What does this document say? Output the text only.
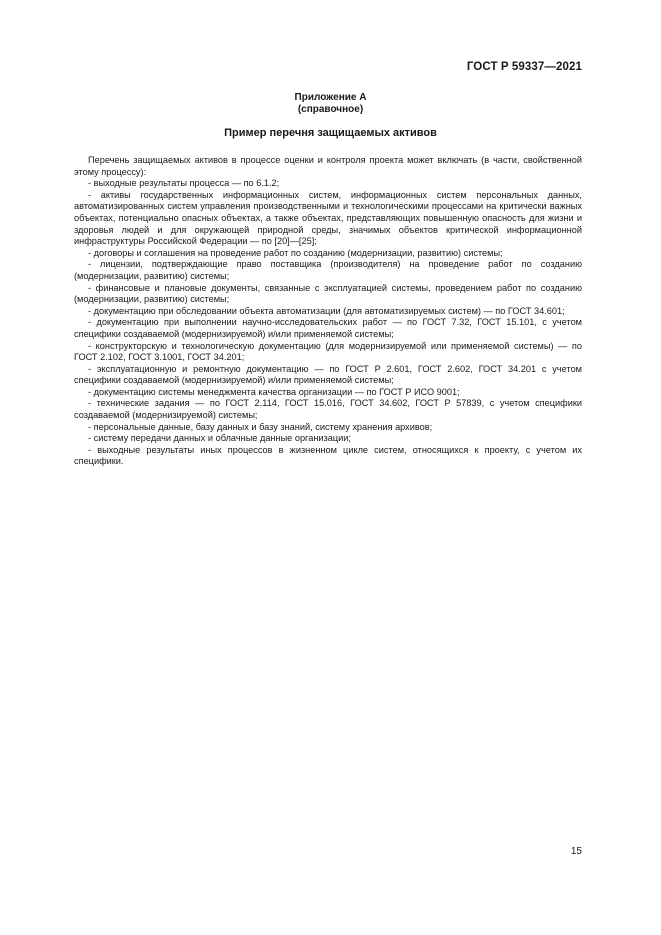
ГОСТ Р 59337—2021
Приложение А
(справочное)
Пример перечня защищаемых активов

Перечень защищаемых активов в процессе оценки и контроля проекта может включать (в части, свойственной этому процессу):

- выходные результаты процесса — по 6.1.2;

- активы государственных информационных систем, информационных систем персональных данных, автоматизированных систем управления производственными и технологическими процессами на критически важных объектах, потенциально опасных объектах, а также объектах, представляющих повышенную опасность для жизни и здоровья людей и для окружающей природной среды, значимых объектов критической информационной инфраструктуры Российской Федерации — по [20]—[25];

- договоры и соглашения на проведение работ по созданию (модернизации, развитию) системы;

- лицензии, подтверждающие право поставщика (производителя) на проведение работ по созданию (модернизации, развитию) системы;

- финансовые и плановые документы, связанные с эксплуатацией системы, проведением работ по созданию (модернизации, развитию) системы;

- документацию при обследовании объекта автоматизации (для автоматизируемых систем) — по ГОСТ 34.601;

- документацию при выполнении научно-исследовательских работ — по ГОСТ 7.32, ГОСТ 15.101, с учетом специфики создаваемой (модернизируемой) и/или применяемой системы;

- конструкторскую и технологическую документацию (для модернизируемой или применяемой системы) — по ГОСТ 2.102, ГОСТ 3.1001, ГОСТ 34.201;

- эксплуатационную и ремонтную документацию — по ГОСТ Р 2.601, ГОСТ 2.602, ГОСТ 34.201 с учетом специфики создаваемой (модернизируемой) и/или применяемой системы;

- документацию системы менеджмента качества организации — по ГОСТ Р ИСО 9001;

- технические задания — по ГОСТ 2.114, ГОСТ 15.016, ГОСТ 34.602, ГОСТ Р 57839, с учетом специфики создаваемой (модернизируемой) системы;

- персональные данные, базу данных и базу знаний, систему хранения архивов;

- систему передачи данных и облачные данные организации;

- выходные результаты иных процессов в жизненном цикле систем, относящихся к проекту, с учетом их специфики.

15
